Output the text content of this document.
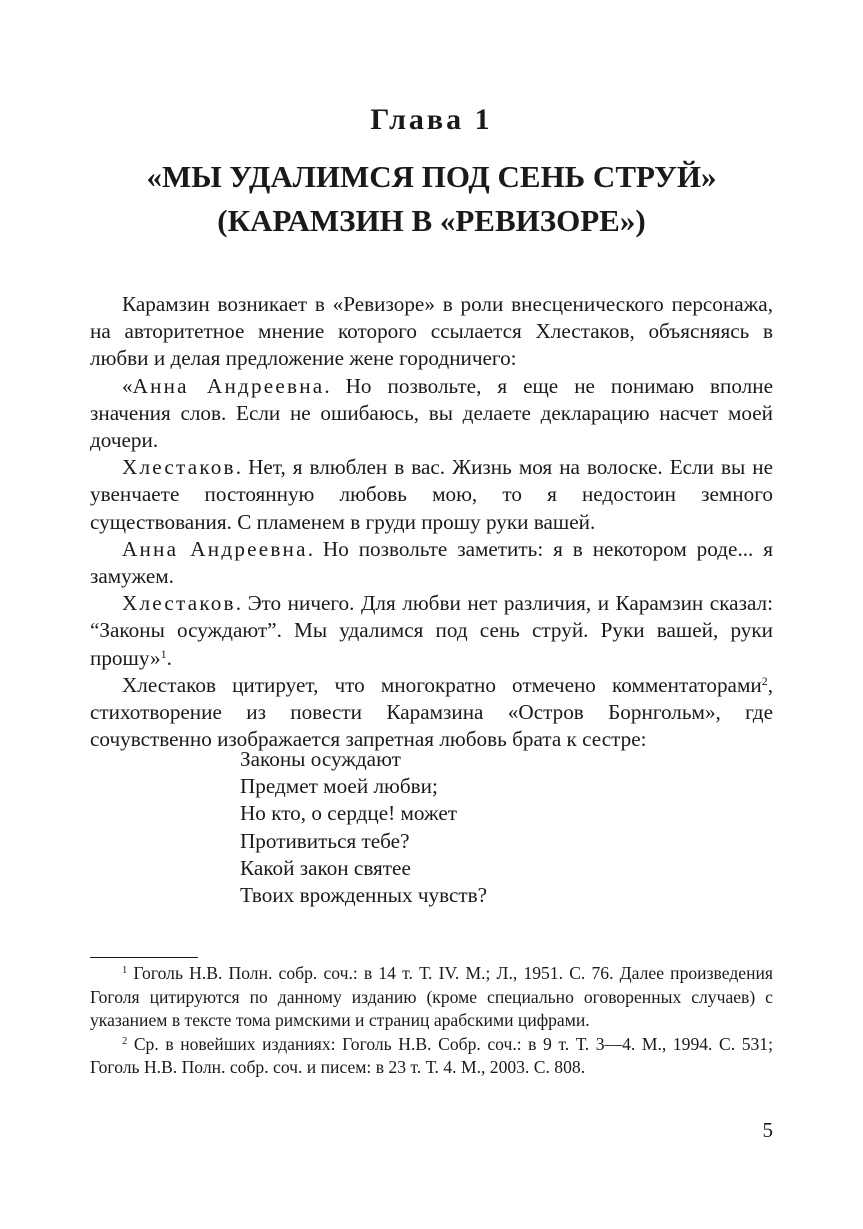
Глава 1
«МЫ УДАЛИМСЯ ПОД СЕНЬ СТРУЙ»
(КАРАМЗИН В «РЕВИЗОРЕ»)

Карамзин возникает в «Ревизоре» в роли внесценического персонажа, на авторитетное мнение которого ссылается Хлестаков, объясняясь в любви и делая предложение жене городничего:

«Анна Андреевна. Но позвольте, я еще не понимаю вполне значения слов. Если не ошибаюсь, вы делаете декларацию насчет моей дочери.

Хлестаков. Нет, я влюблен в вас. Жизнь моя на волоске. Если вы не увенчаете постоянную любовь мою, то я недостоин земного существования. С пламенем в груди прошу руки вашей.

Анна Андреевна. Но позвольте заметить: я в некотором роде... я замужем.

Хлестаков. Это ничего. Для любви нет различия, и Карамзин сказал: “Законы осуждают”. Мы удалимся под сень струй. Руки вашей, руки прошу»$^1$.

Хлестаков цитирует, что многократно отмечено комментаторами$^2$, стихотворение из повести Карамзина «Остров Борнгольм», где сочувственно изображается запретная любовь брата к сестре:

Законы осуждают
Предмет моей любви;
Но кто, о сердце! может
Противиться тебе?
Какой закон святее
Твоих врожденных чувств?

$^1$ Гоголь Н.В. Полн. собр. соч.: в 14 т. Т. IV. М.; Л., 1951. С. 76. Далее произведения Гоголя цитируются по данному изданию (кроме специально оговоренных случаев) с указанием в тексте тома римскими и страниц арабскими цифрами.

$^2$ Ср. в новейших изданиях: Гоголь Н.В. Собр. соч.: в 9 т. Т. 3—4. М., 1994. С. 531; Гоголь Н.В. Полн. собр. соч. и писем: в 23 т. Т. 4. М., 2003. С. 808.

5
